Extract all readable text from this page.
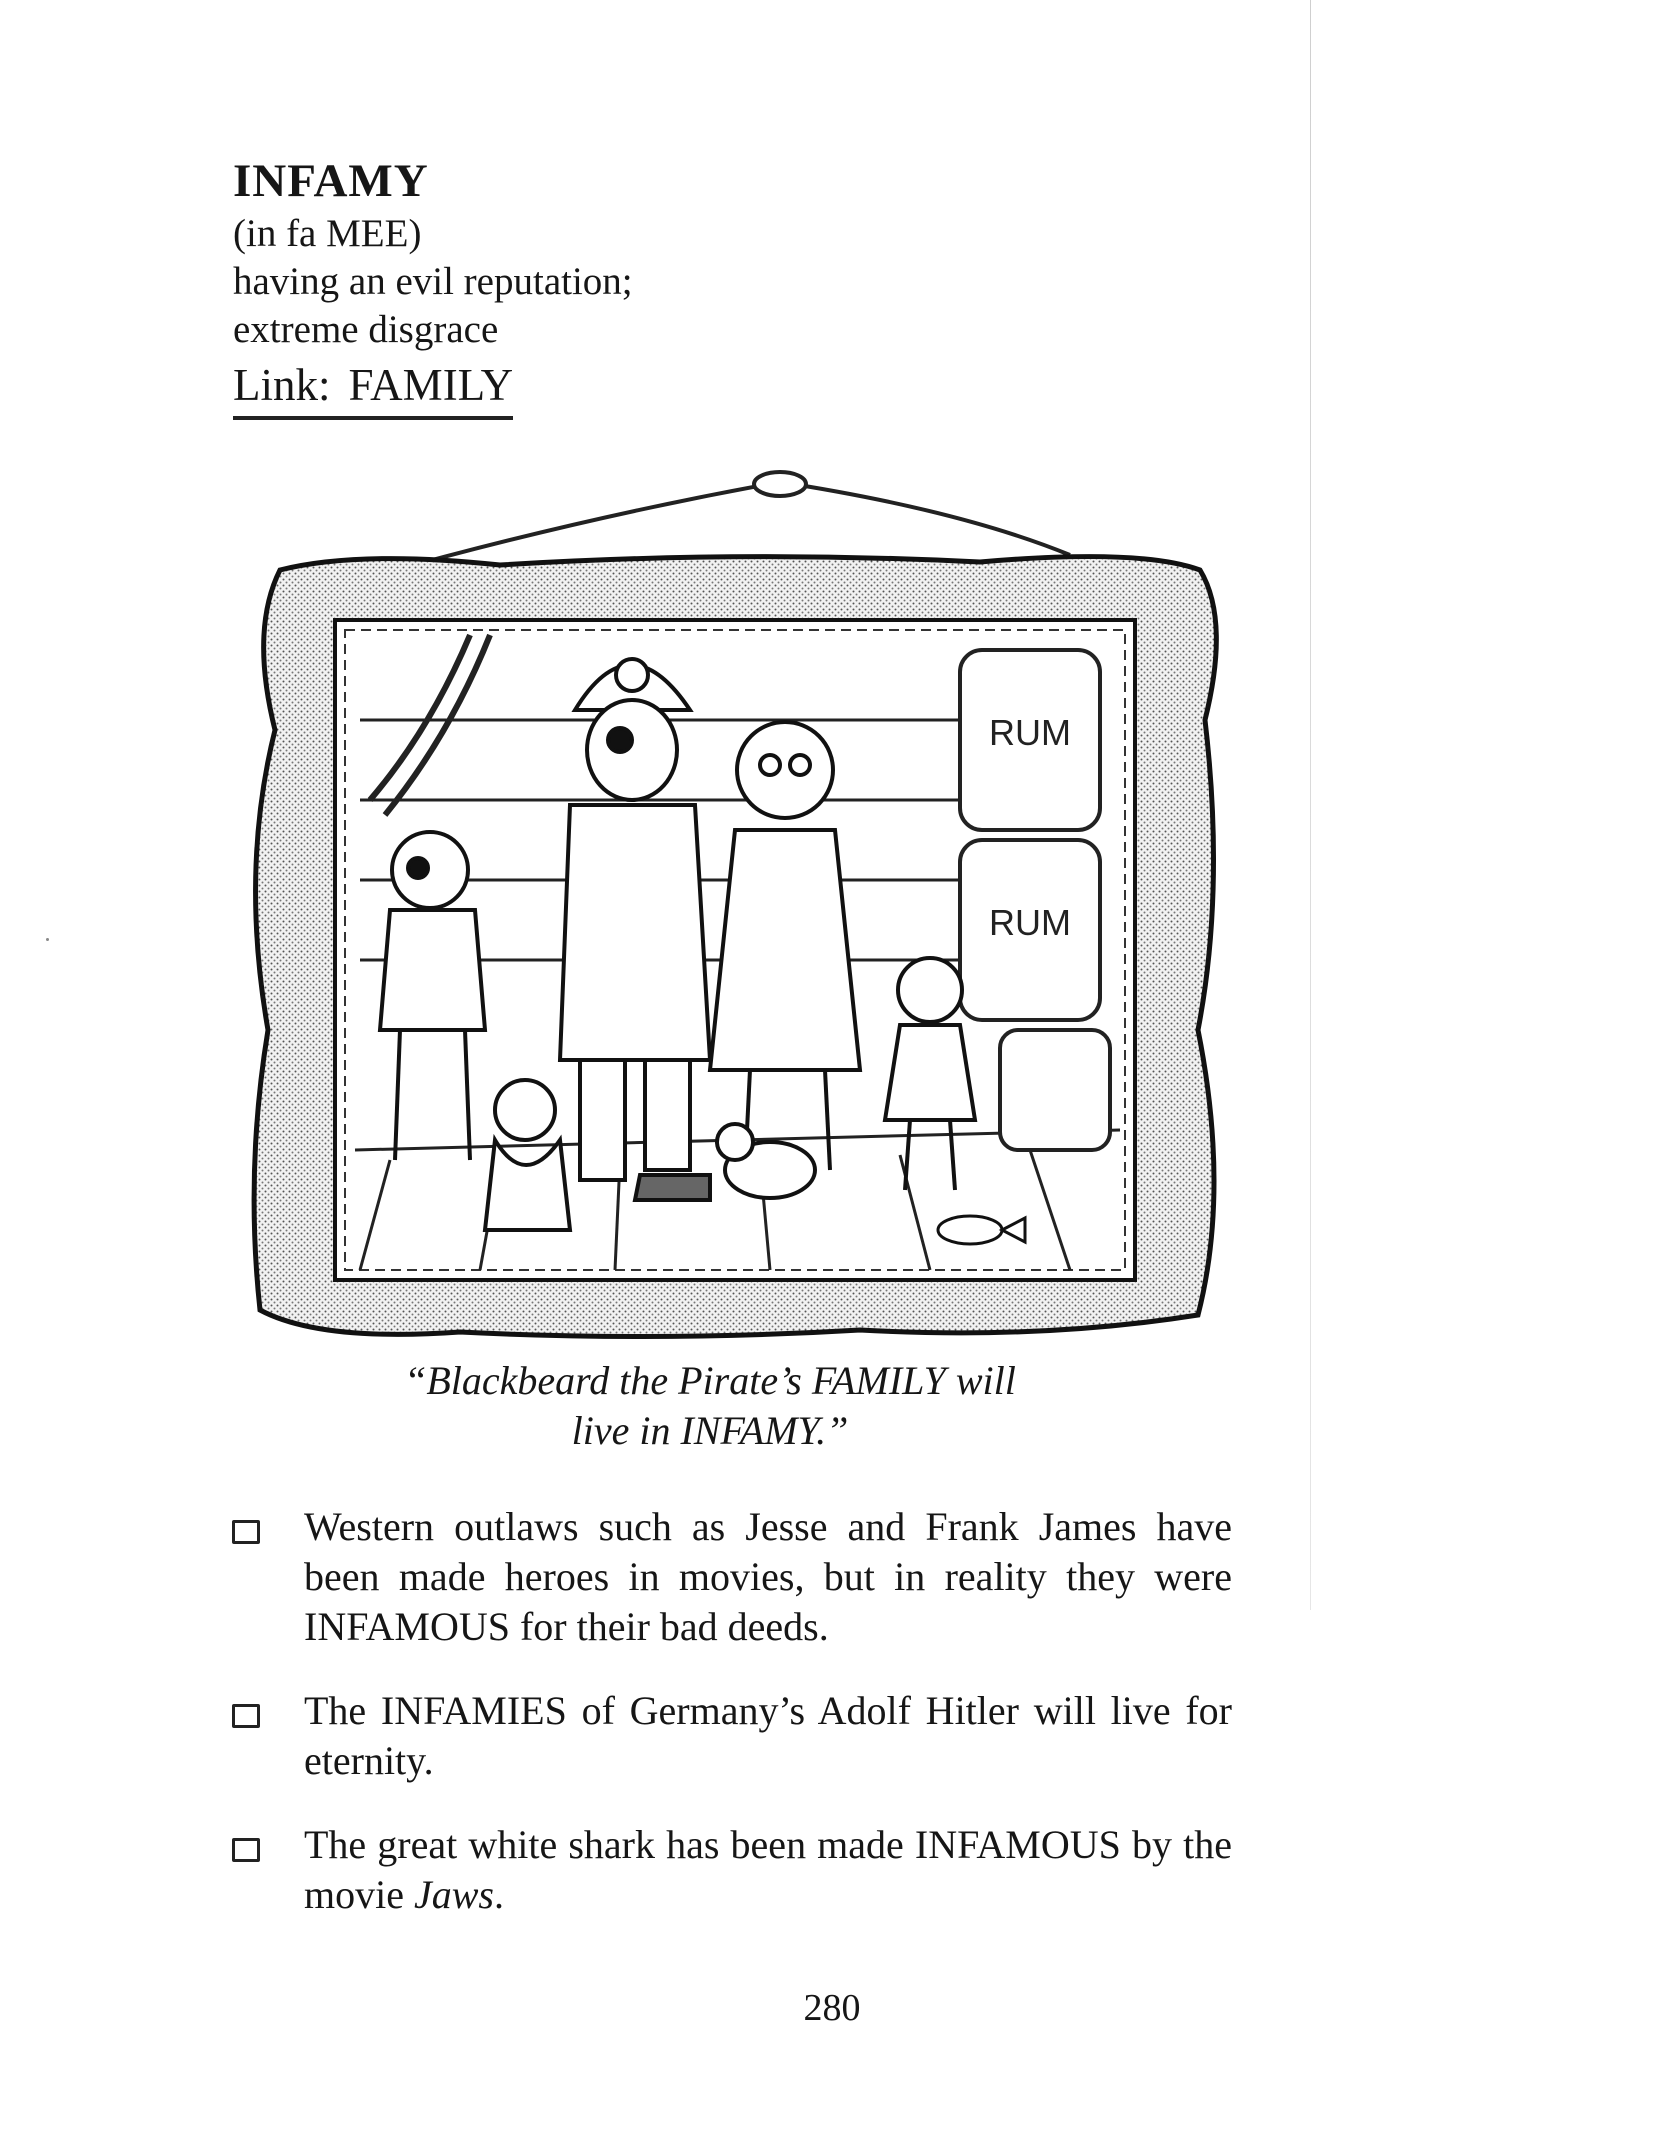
INFAMY
(in fa MEE)
having an evil reputation;
extreme disgrace
Link: FAMILY
RUM
RUM
“Blackbeard the Pirate’s FAMILY will
live in INFAMY.”
Western outlaws such as Jesse and Frank James have been made heroes in movies, but in reality they were INFAMOUS for their bad deeds.
The INFAMIES of Germany’s Adolf Hitler will live for eternity.
The great white shark has been made INFAMOUS by the movie Jaws.
280
